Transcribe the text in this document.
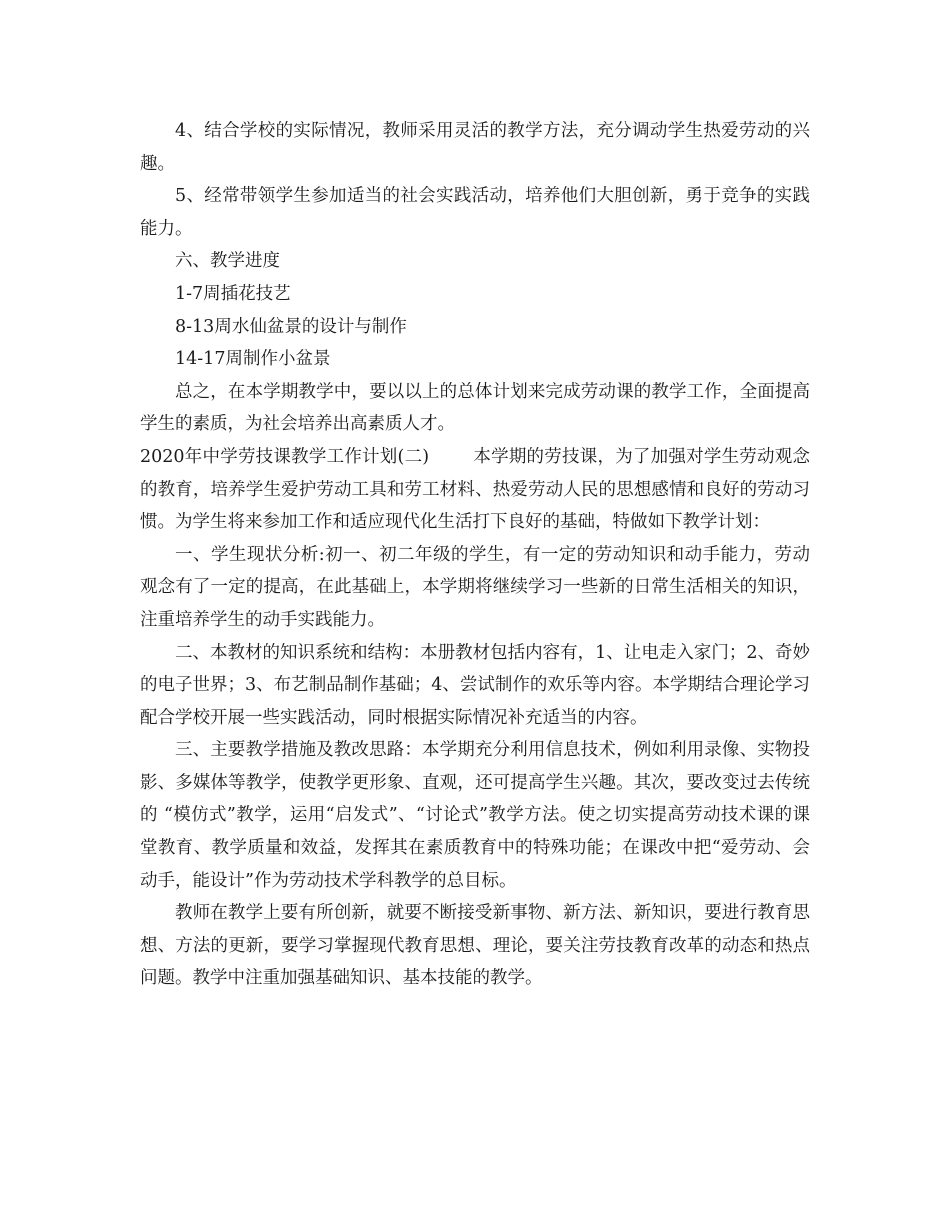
4、结合学校的实际情况，教师采用灵活的教学方法，充分调动学生热爱劳动的兴趣。

5、经常带领学生参加适当的社会实践活动，培养他们大胆创新，勇于竞争的实践能力。

六、教学进度

1-7周插花技艺

8-13周水仙盆景的设计与制作

14-17周制作小盆景

总之，在本学期教学中，要以以上的总体计划来完成劳动课的教学工作，全面提高学生的素质，为社会培养出高素质人才。

2020年中学劳技课教学工作计划(二)	本学期的劳技课，为了加强对学生劳动观念的教育，培养学生爱护劳动工具和劳工材料、热爱劳动人民的思想感情和良好的劳动习惯。为学生将来参加工作和适应现代化生活打下良好的基础，特做如下教学计划：

一、学生现状分析:初一、初二年级的学生，有一定的劳动知识和动手能力，劳动观念有了一定的提高，在此基础上，本学期将继续学习一些新的日常生活相关的知识，注重培养学生的动手实践能力。

二、本教材的知识系统和结构：本册教材包括内容有，1、让电走入家门；2、奇妙的电子世界；3、布艺制品制作基础；4、尝试制作的欢乐等内容。本学期结合理论学习配合学校开展一些实践活动，同时根据实际情况补充适当的内容。

三、主要教学措施及教改思路：本学期充分利用信息技术，例如利用录像、实物投影、多媒体等教学，使教学更形象、直观，还可提高学生兴趣。其次，要改变过去传统的 “模仿式”教学，运用“启发式”、“讨论式”教学方法。使之切实提高劳动技术课的课堂教育、教学质量和效益，发挥其在素质教育中的特殊功能；在课改中把“爱劳动、会动手，能设计”作为劳动技术学科教学的总目标。

教师在教学上要有所创新，就要不断接受新事物、新方法、新知识，要进行教育思想、方法的更新，要学习掌握现代教育思想、理论，要关注劳技教育改革的动态和热点问题。教学中注重加强基础知识、基本技能的教学。
